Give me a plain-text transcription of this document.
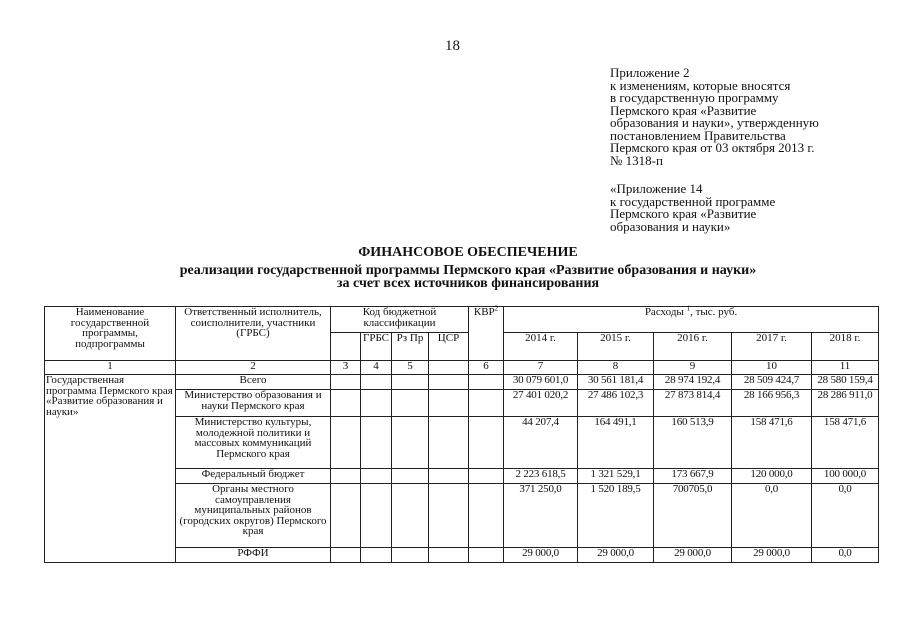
18
Приложение 2
к изменениям, которые вносятся
в государственную программу
Пермского края «Развитие
образования и науки», утвержденную
постановлением Правительства
Пермского края от 03 октября 2013 г.
№ 1318-п
«Приложение 14
к государственной программе
Пермского края «Развитие
образования и науки»
ФИНАНСОВОЕ ОБЕСПЕЧЕНИЕ
реализации государственной программы Пермского края «Развитие образования и науки»
за счет всех источников финансирования
Наименование государственной программы, подпрограммы	Ответственный исполнитель, соисполнители, участники (ГРБС)	Код бюджетной классификации				КВР$^2$	Расходы $^1$, тыс. руб.				
			ГРБС	Рз Пр	ЦСР		2014 г.	2015 г.	2016 г.	2017 г.	2018 г.
1	2	3	4	5		6	7	8	9	10	11
Государственная программа Пермского края «Развитие образования и науки»	Всего						30 079 601,0	30 561 181,4	28 974 192,4	28 509 424,7	28 580 159,4
	Министерство образования и науки Пермского края						27 401 020,2	27 486 102,3	27 873 814,4	28 166 956,3	28 286 911,0
	Министерство культуры, молодежной политики и массовых коммуникаций Пермского края						44 207,4	164 491,1	160 513,9	158 471,6	158 471,6
	Федеральный бюджет						2 223 618,5	1 321 529,1	173 667,9	120 000,0	100 000,0
	Органы местного самоуправления муниципальных районов (городских округов) Пермского края						371 250,0	1 520 189,5	700705,0	0,0	0,0
	РФФИ						29 000,0	29 000,0	29 000,0	29 000,0	0,0
